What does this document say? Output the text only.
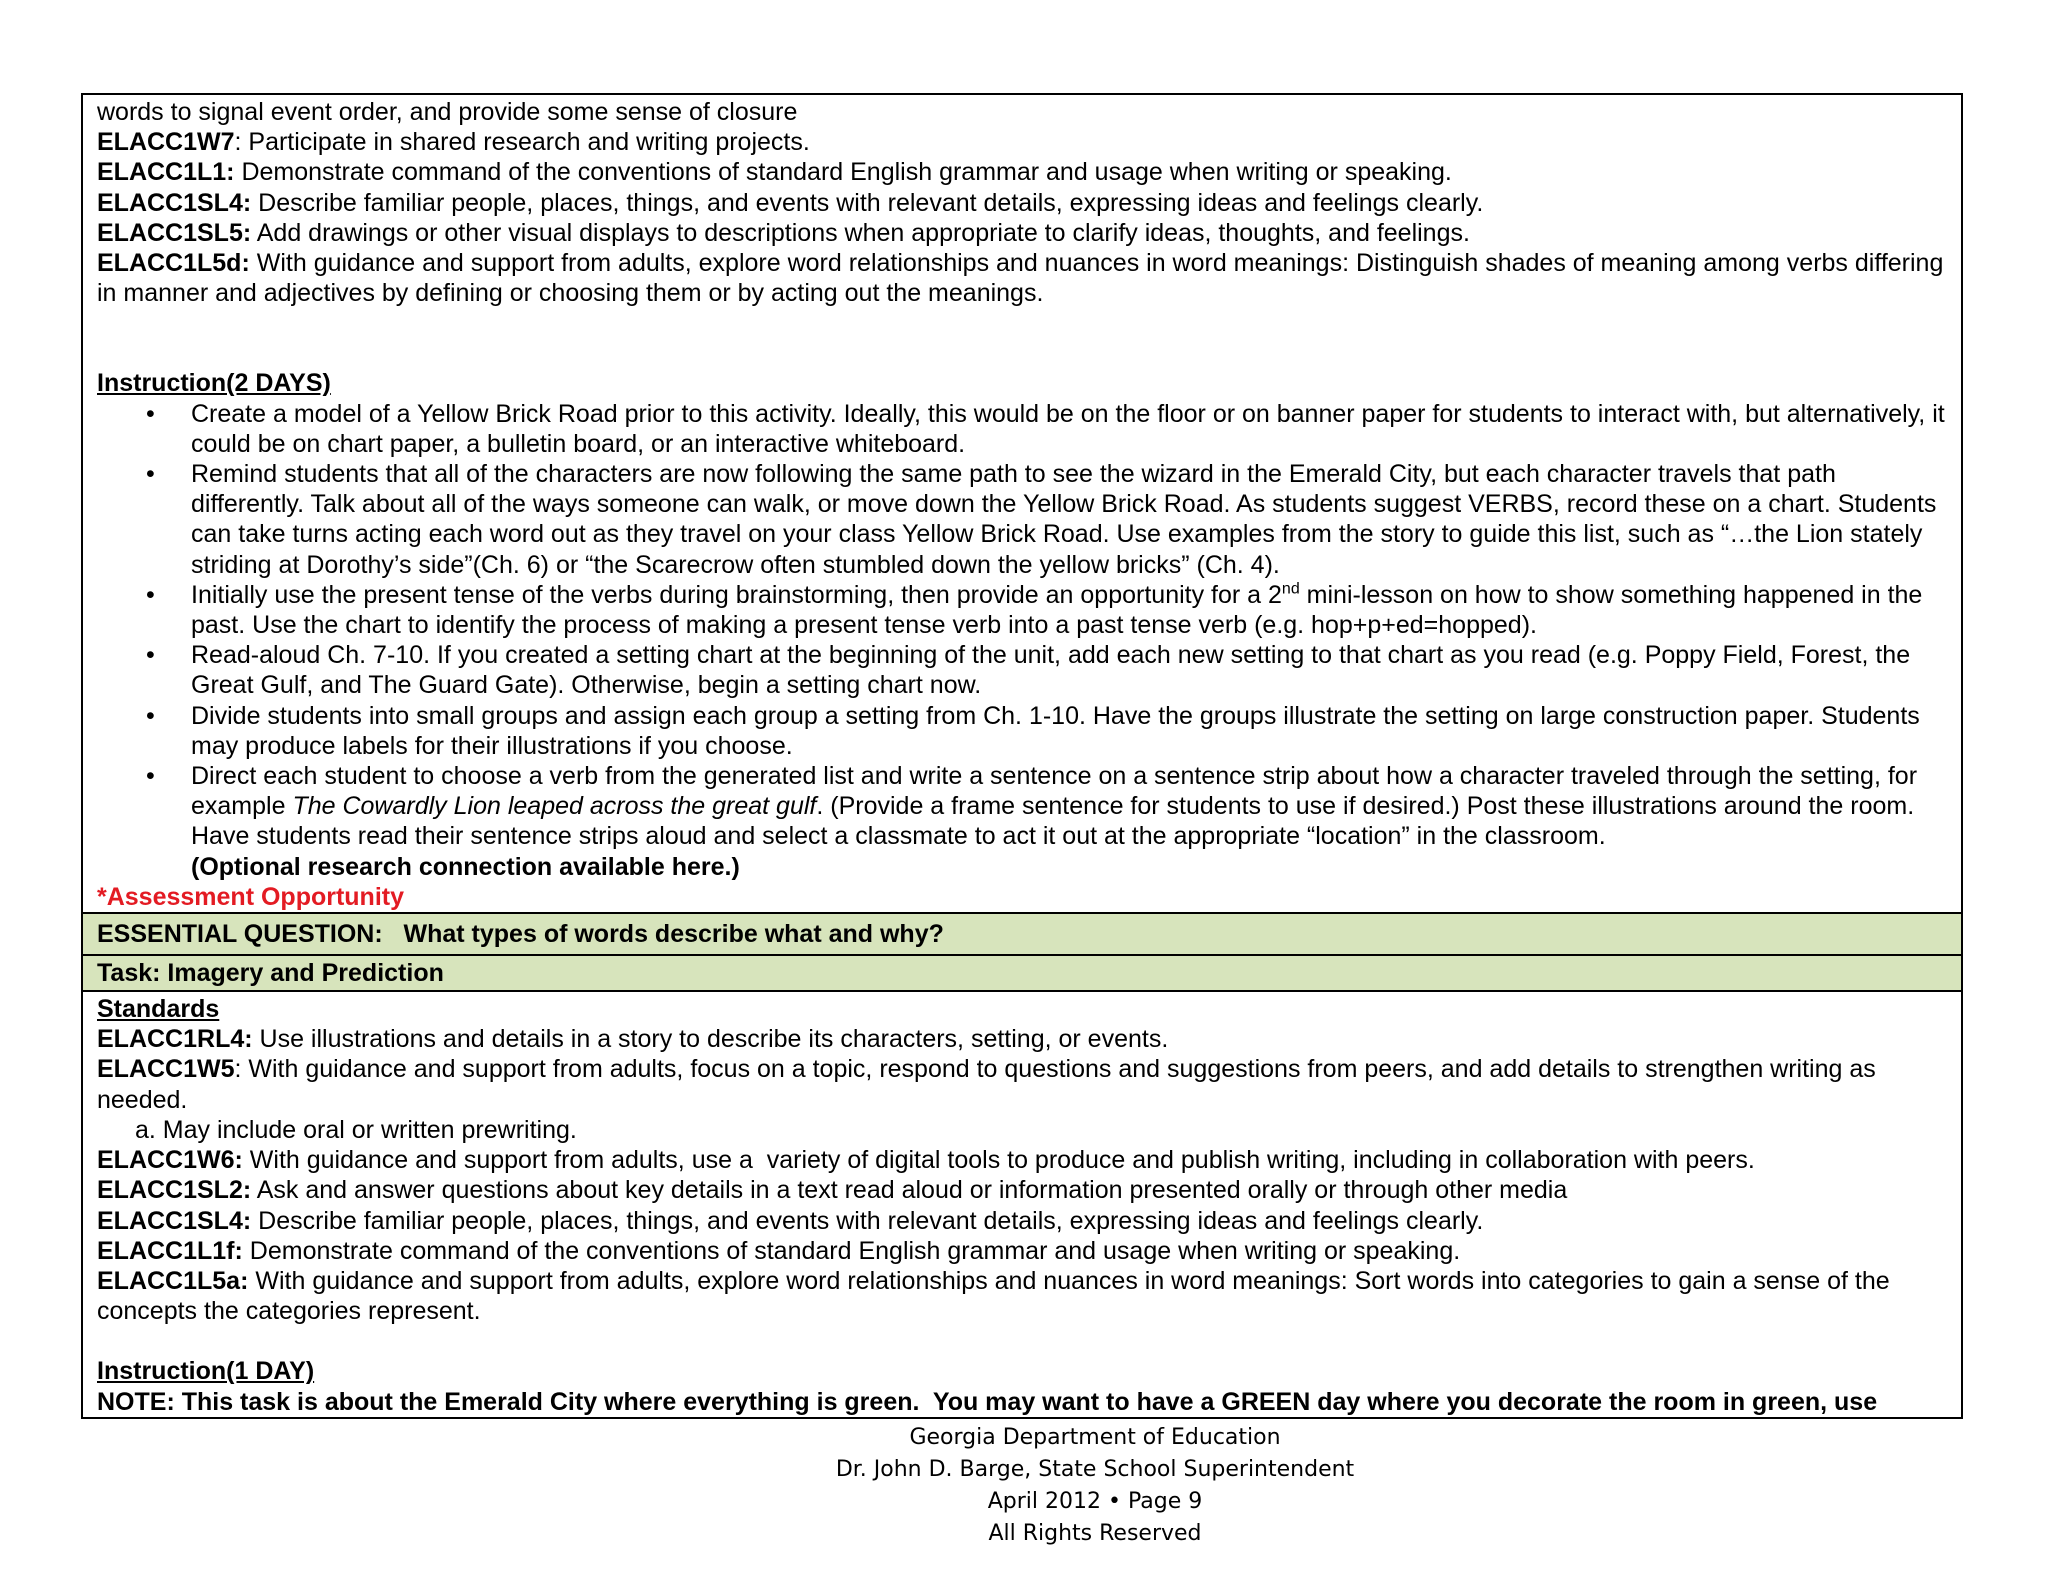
words to signal event order, and provide some sense of closure

ELACC1W7: Participate in shared research and writing projects.

ELACC1L1: Demonstrate command of the conventions of standard English grammar and usage when writing or speaking.

ELACC1SL4: Describe familiar people, places, things, and events with relevant details, expressing ideas and feelings clearly.

ELACC1SL5: Add drawings or other visual displays to descriptions when appropriate to clarify ideas, thoughts, and feelings.

ELACC1L5d: With guidance and support from adults, explore word relationships and nuances in word meanings: Distinguish shades of meaning among verbs differing in manner and adjectives by defining or choosing them or by acting out the meanings.

Instruction(2 DAYS)

• Create a model of a Yellow Brick Road prior to this activity. Ideally, this would be on the floor or on banner paper for students to interact with, but alternatively, it could be on chart paper, a bulletin board, or an interactive whiteboard.
• Remind students that all of the characters are now following the same path to see the wizard in the Emerald City, but each character travels that path differently. Talk about all of the ways someone can walk, or move down the Yellow Brick Road. As students suggest VERBS, record these on a chart. Students can take turns acting each word out as they travel on your class Yellow Brick Road. Use examples from the story to guide this list, such as “…the Lion stately striding at Dorothy’s side”(Ch. 6) or “the Scarecrow often stumbled down the yellow bricks” (Ch. 4).
• Initially use the present tense of the verbs during brainstorming, then provide an opportunity for a 2nd mini-lesson on how to show something happened in the past. Use the chart to identify the process of making a present tense verb into a past tense verb (e.g. hop+p+ed=hopped).
• Read-aloud Ch. 7-10. If you created a setting chart at the beginning of the unit, add each new setting to that chart as you read (e.g. Poppy Field, Forest, the Great Gulf, and The Guard Gate). Otherwise, begin a setting chart now.
• Divide students into small groups and assign each group a setting from Ch. 1-10. Have the groups illustrate the setting on large construction paper. Students may produce labels for their illustrations if you choose.
• Direct each student to choose a verb from the generated list and write a sentence on a sentence strip about how a character traveled through the setting, for example The Cowardly Lion leaped across the great gulf. (Provide a frame sentence for students to use if desired.) Post these illustrations around the room. Have students read their sentence strips aloud and select a classmate to act it out at the appropriate “location” in the classroom.
(Optional research connection available here.)

*Assessment Opportunity

ESSENTIAL QUESTION:   What types of words describe what and why?
Task: Imagery and Prediction

Standards

ELACC1RL4: Use illustrations and details in a story to describe its characters, setting, or events.

ELACC1W5: With guidance and support from adults, focus on a topic, respond to questions and suggestions from peers, and add details to strengthen writing as needed.

a. May include oral or written prewriting.

ELACC1W6: With guidance and support from adults, use a  variety of digital tools to produce and publish writing, including in collaboration with peers.

ELACC1SL2: Ask and answer questions about key details in a text read aloud or information presented orally or through other media

ELACC1SL4: Describe familiar people, places, things, and events with relevant details, expressing ideas and feelings clearly.

ELACC1L1f: Demonstrate command of the conventions of standard English grammar and usage when writing or speaking.

ELACC1L5a: With guidance and support from adults, explore word relationships and nuances in word meanings: Sort words into categories to gain a sense of the concepts the categories represent.

Instruction(1 DAY)

NOTE: This task is about the Emerald City where everything is green.  You may want to have a GREEN day where you decorate the room in green, use

Georgia Department of Education

Dr. John D. Barge, State School Superintendent

April 2012 • Page 9

All Rights Reserved
